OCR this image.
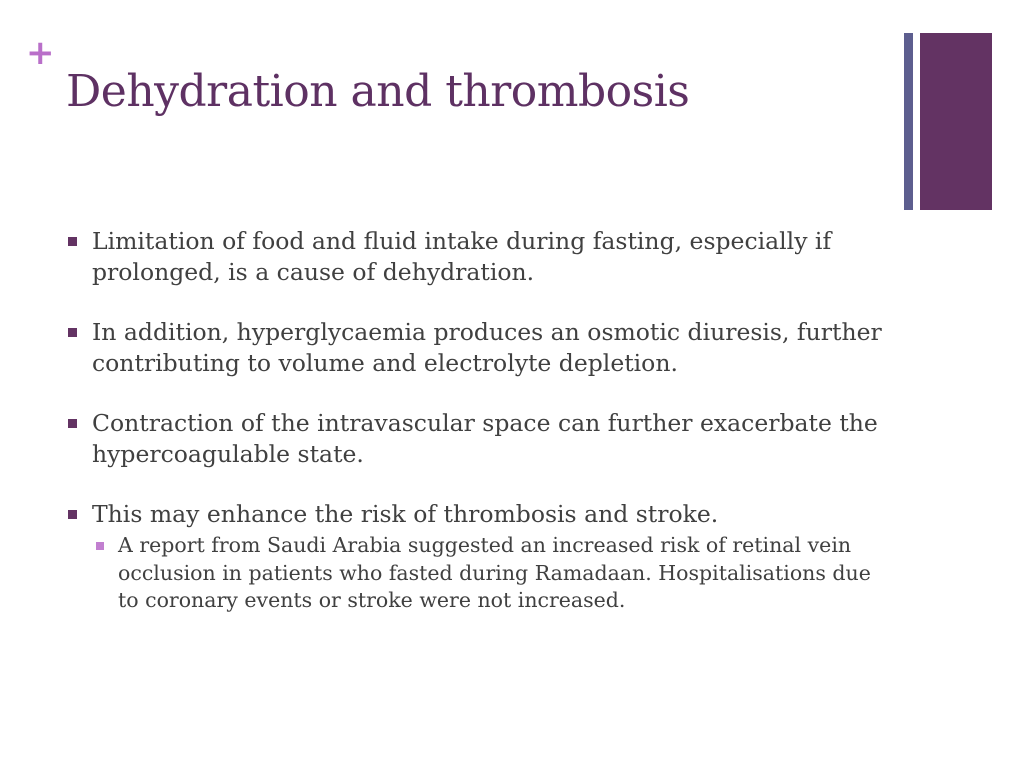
+
Dehydration and thrombosis
Limitation of food and fluid intake during fasting, especially if prolonged, is a cause of dehydration.
In addition, hyperglycaemia produces an osmotic diuresis, further contributing to volume and electrolyte depletion.
Contraction of the intravascular space can further exacerbate the hypercoagulable state.
This may enhance the risk of thrombosis and stroke.
A report from Saudi Arabia suggested an increased risk of retinal vein occlusion in patients who fasted during Ramadaan. Hospitalisations due to coronary events or stroke were not increased.
